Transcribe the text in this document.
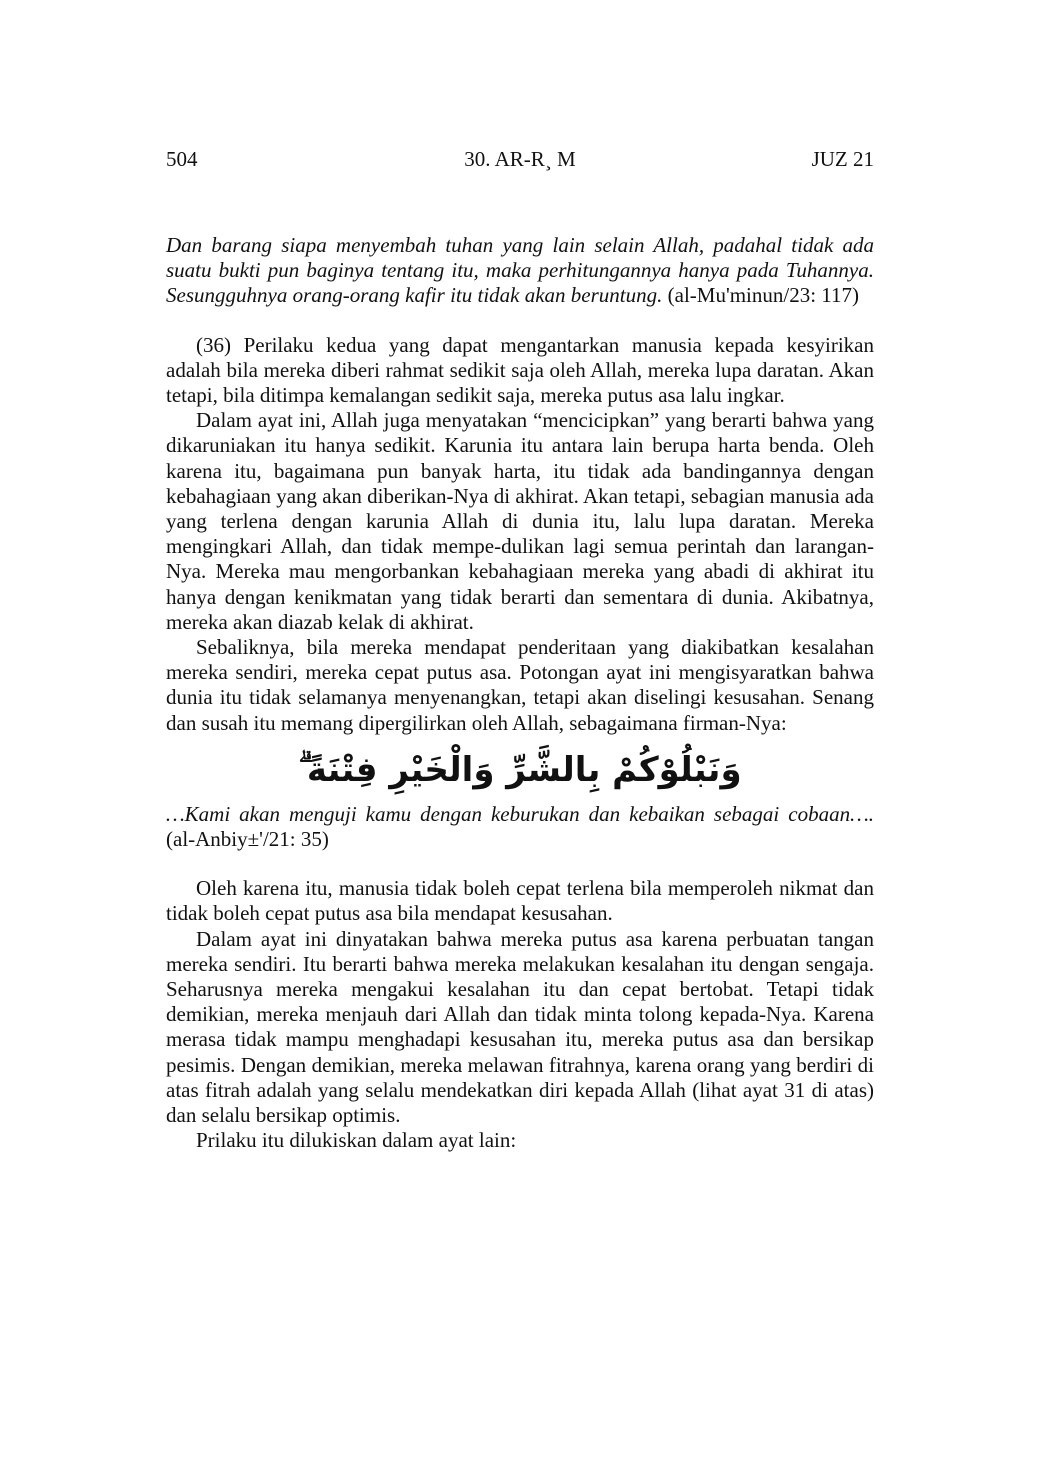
504	30. AR-R¸ M	JUZ 21

Dan barang siapa menyembah tuhan yang lain selain Allah, padahal tidak ada suatu bukti pun baginya tentang itu, maka perhitungannya hanya pada Tuhannya. Sesungguhnya orang-orang kafir itu tidak akan beruntung. (al-Mu'minun/23: 117)

(36) Perilaku kedua yang dapat mengantarkan manusia kepada kesyirikan adalah bila mereka diberi rahmat sedikit saja oleh Allah, mereka lupa daratan. Akan tetapi, bila ditimpa kemalangan sedikit saja, mereka putus asa lalu ingkar.

Dalam ayat ini, Allah juga menyatakan “mencicipkan” yang berarti bahwa yang dikaruniakan itu hanya sedikit. Karunia itu antara lain berupa harta benda. Oleh karena itu, bagaimana pun banyak harta, itu tidak ada bandingannya dengan kebahagiaan yang akan diberikan-Nya di akhirat. Akan tetapi, sebagian manusia ada yang terlena dengan karunia Allah di dunia itu, lalu lupa daratan. Mereka mengingkari Allah, dan tidak mempe-dulikan lagi semua perintah dan larangan-Nya. Mereka mau mengorbankan kebahagiaan mereka yang abadi di akhirat itu hanya dengan kenikmatan yang tidak berarti dan sementara di dunia. Akibatnya, mereka akan diazab kelak di akhirat.

Sebaliknya, bila mereka mendapat penderitaan yang diakibatkan kesalahan mereka sendiri, mereka cepat putus asa. Potongan ayat ini mengisyaratkan bahwa dunia itu tidak selamanya menyenangkan, tetapi akan diselingi kesusahan. Senang dan susah itu memang dipergilirkan oleh Allah, sebagaimana firman-Nya:

وَنَبْلُوْكُمْ بِالشَّرِّ وَالْخَيْرِ فِتْنَةً ۗ

…Kami akan menguji kamu dengan keburukan dan kebaikan sebagai cobaan…. (al-Anbiy±'/21: 35)

Oleh karena itu, manusia tidak boleh cepat terlena bila memperoleh nikmat dan tidak boleh cepat putus asa bila mendapat kesusahan.

Dalam ayat ini dinyatakan bahwa mereka putus asa karena perbuatan tangan mereka sendiri. Itu berarti bahwa mereka melakukan kesalahan itu dengan sengaja. Seharusnya mereka mengakui kesalahan itu dan cepat bertobat. Tetapi tidak demikian, mereka menjauh dari Allah dan tidak minta tolong kepada-Nya. Karena merasa tidak mampu menghadapi kesusahan itu, mereka putus asa dan bersikap pesimis. Dengan demikian, mereka melawan fitrahnya, karena orang yang berdiri di atas fitrah adalah yang selalu mendekatkan diri kepada Allah (lihat ayat 31 di atas) dan selalu bersikap optimis.

Prilaku itu dilukiskan dalam ayat lain:
